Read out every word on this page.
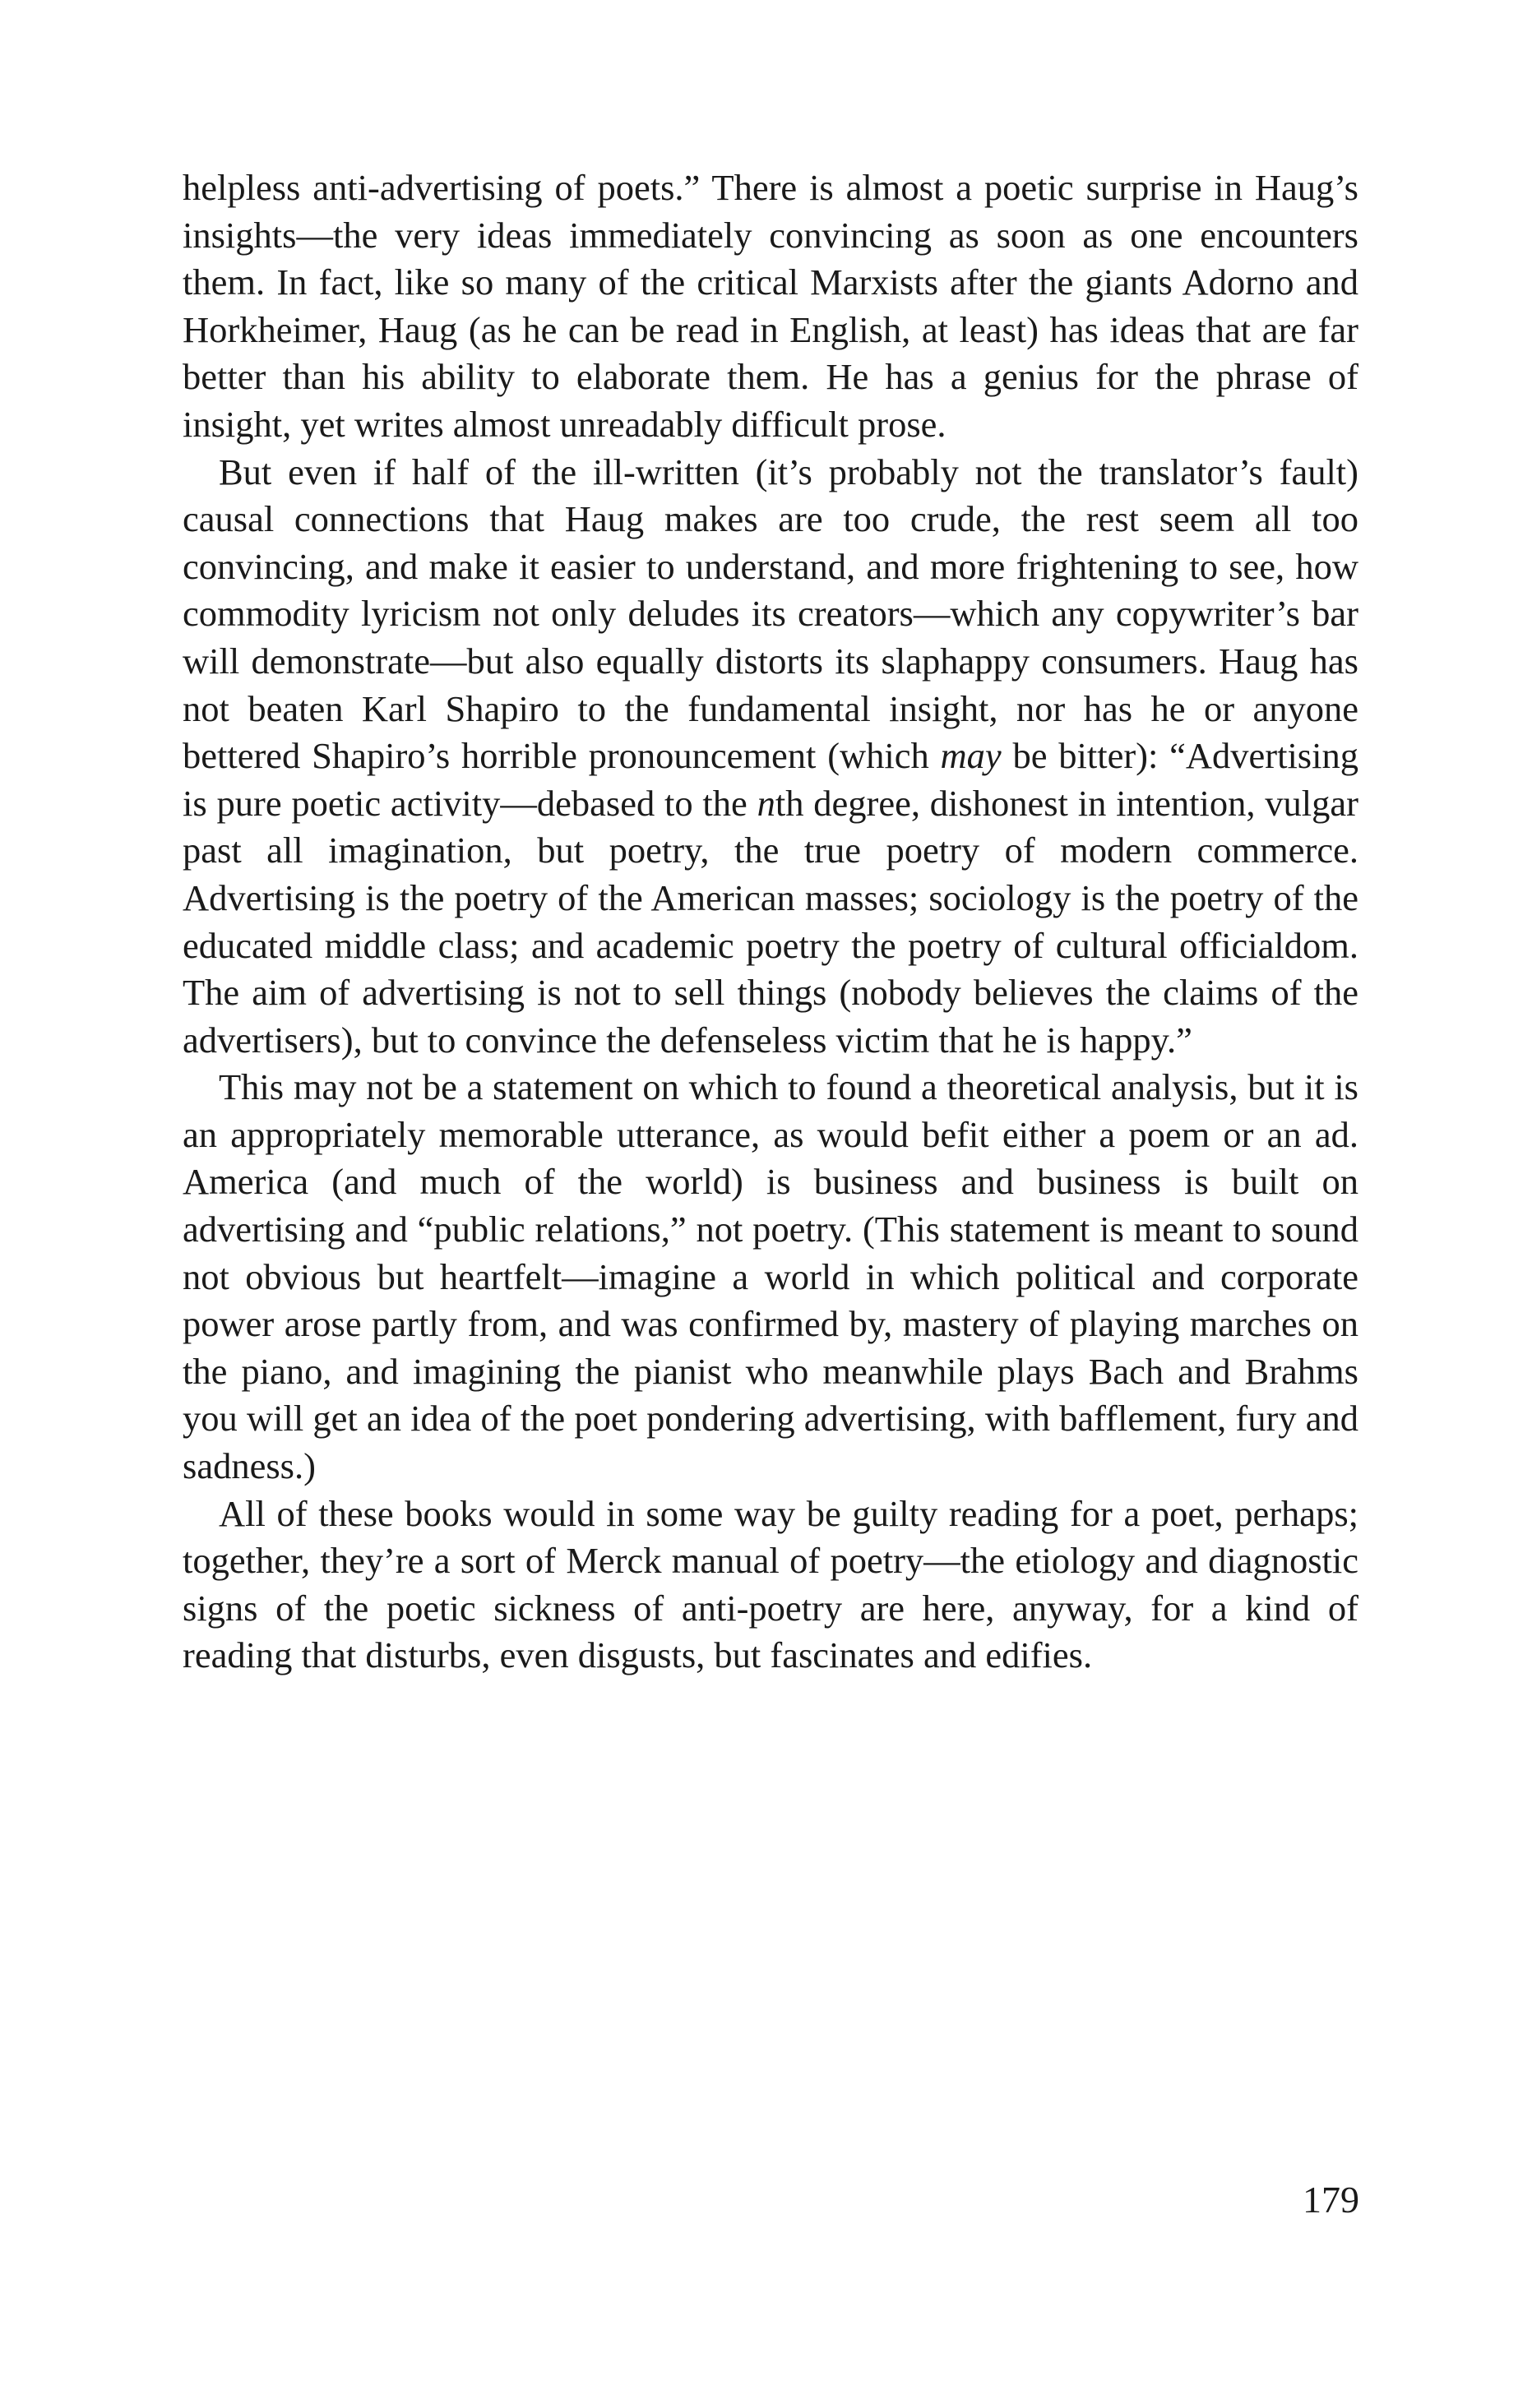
helpless anti-advertising of poets.” There is almost a poetic surprise in Haug’s insights—the very ideas immediately convincing as soon as one encounters them. In fact, like so many of the critical Marxists after the giants Adorno and Horkheimer, Haug (as he can be read in English, at least) has ideas that are far better than his ability to elaborate them. He has a genius for the phrase of insight, yet writes almost unreadably difficult prose.

But even if half of the ill-written (it’s probably not the translator’s fault) causal connections that Haug makes are too crude, the rest seem all too convincing, and make it easier to understand, and more frightening to see, how commodity lyricism not only deludes its creators—which any copywriter’s bar will demonstrate—but also equally distorts its slaphappy consumers. Haug has not beaten Karl Shapiro to the fundamental insight, nor has he or anyone bettered Shapiro’s horrible pronouncement (which may be bitter): “Advertising is pure poetic activity—debased to the nth degree, dishonest in intention, vulgar past all imagination, but poetry, the true poetry of modern commerce. Advertising is the poetry of the American masses; sociology is the poetry of the educated middle class; and academic poetry the poetry of cultural officialdom. The aim of advertising is not to sell things (nobody believes the claims of the advertisers), but to convince the defenseless victim that he is happy.”

This may not be a statement on which to found a theoretical analysis, but it is an appropriately memorable utterance, as would befit either a poem or an ad. America (and much of the world) is business and business is built on advertising and “public relations,” not poetry. (This statement is meant to sound not obvious but heartfelt—imagine a world in which political and corporate power arose partly from, and was confirmed by, mastery of playing marches on the piano, and imagining the pianist who meanwhile plays Bach and Brahms you will get an idea of the poet pondering advertising, with bafflement, fury and sadness.)

All of these books would in some way be guilty reading for a poet, perhaps; together, they’re a sort of Merck manual of poetry—the etiology and diagnostic signs of the poetic sickness of anti-poetry are here, anyway, for a kind of reading that disturbs, even disgusts, but fascinates and edifies.

179
